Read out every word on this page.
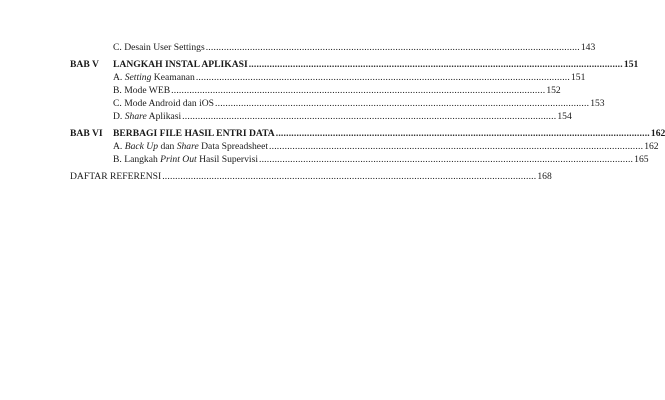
C. Desain User Settings ................................................................................................................................................ 143
BAB V LANGKAH INSTAL APLIKASI ................................................................................................................................................ 151
A. Setting Keamanan ................................................................................................................................................ 151
B. Mode WEB ................................................................................................................................................ 152
C. Mode Android dan iOS ................................................................................................................................................ 153
D. Share Aplikasi ................................................................................................................................................ 154
BAB VI BERBAGI FILE HASIL ENTRI DATA ................................................................................................................................................ 162
A. Back Up dan Share Data Spreadsheet ................................................................................................................................................ 162
B. Langkah Print Out Hasil Supervisi ................................................................................................................................................ 165
DAFTAR REFERENSI ................................................................................................................................................ 168
